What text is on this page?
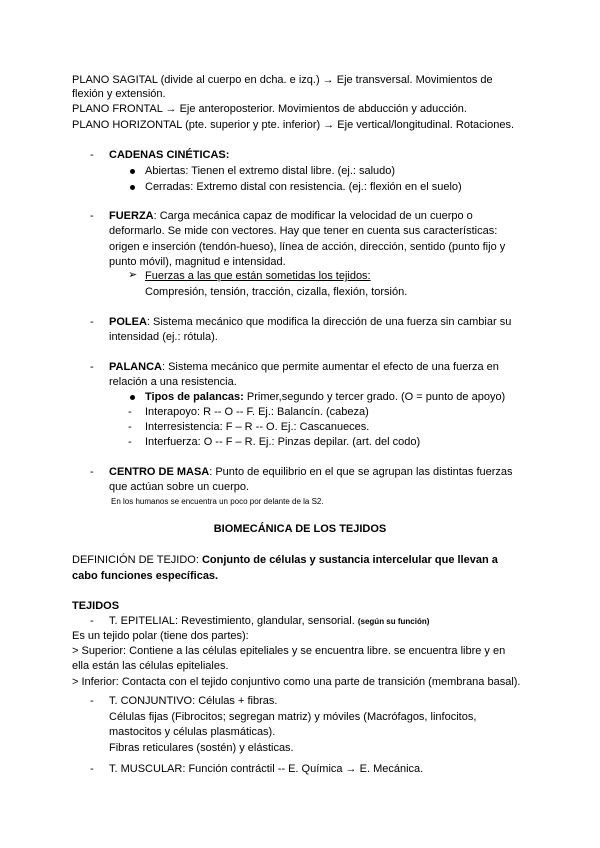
PLANO SAGITAL (divide al cuerpo en dcha. e izq.) → Eje transversal. Movimientos de
flexión y extensión.
PLANO FRONTAL → Eje anteroposterior. Movimientos de abducción y aducción.
PLANO HORIZONTAL (pte. superior y pte. inferior) → Eje vertical/longitudinal. Rotaciones.
- CADENAS CINÉTICAS:
Abiertas: Tienen el extremo distal libre. (ej.: saludo)
Cerradas: Extremo distal con resistencia. (ej.: flexión en el suelo)
- FUERZA: Carga mecánica capaz de modificar la velocidad de un cuerpo o
deformarlo. Se mide con vectores. Hay que tener en cuenta sus características:
origen e inserción (tendón-hueso), línea de acción, dirección, sentido (punto fijo y
punto móvil), magnitud e intensidad.
➢ Fuerzas a las que están sometidas los tejidos:
Compresión, tensión, tracción, cizalla, flexión, torsión.
- POLEA: Sistema mecánico que modifica la dirección de una fuerza sin cambiar su
intensidad (ej.: rótula).
- PALANCA: Sistema mecánico que permite aumentar el efecto de una fuerza en
relación a una resistencia.
Tipos de palancas: Primer,segundo y tercer grado. (O = punto de apoyo)
- Interapoyo: R -- O -- F. Ej.: Balancín. (cabeza)
- Interresistencia: F – R -- O. Ej.: Cascanueces.
- Interfuerza: O -- F – R. Ej.: Pinzas depilar. (art. del codo)
- CENTRO DE MASA: Punto de equilibrio en el que se agrupan las distintas fuerzas
que actúan sobre un cuerpo.
En los humanos se encuentra un poco por delante de la S2.
BIOMECÁNICA DE LOS TEJIDOS
DEFINICIÓN DE TEJIDO: Conjunto de células y sustancia intercelular que llevan a
cabo funciones específicas.
TEJIDOS
- T. EPITELIAL: Revestimiento, glandular, sensorial. (según su función)
Es un tejido polar (tiene dos partes):
> Superior: Contiene a las células epiteliales y se encuentra libre. se encuentra libre y en
ella están las células epiteliales.
> Inferior: Contacta con el tejido conjuntivo como una parte de transición (membrana basal).
- T. CONJUNTIVO: Células + fibras.
Células fijas (Fibrocitos; segregan matriz) y móviles (Macrófagos, linfocitos,
mastocitos y células plasmáticas).
Fibras reticulares (sostén) y elásticas.
- T. MUSCULAR: Función contráctil -- E. Química → E. Mecánica.
